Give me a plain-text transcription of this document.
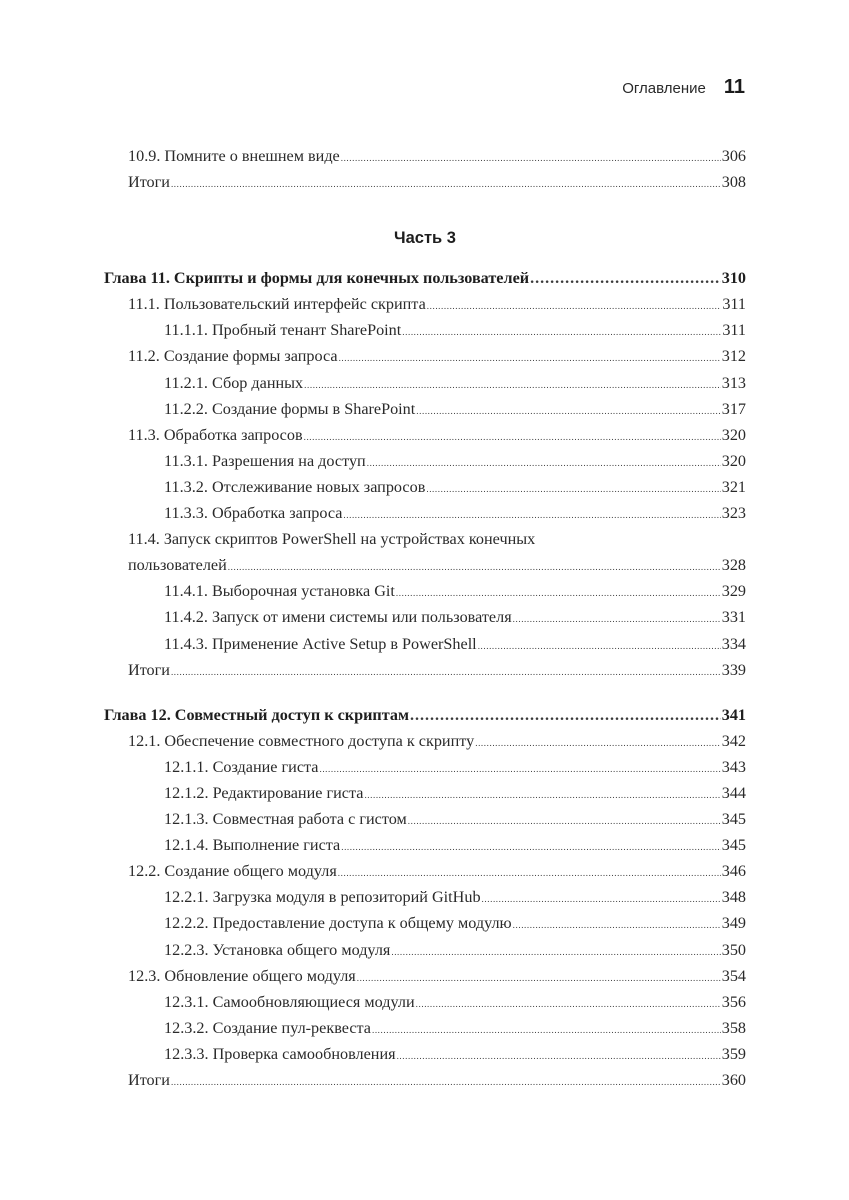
Оглавление 11
10.9. Помните о внешнем виде .....	306
Итоги .....	308
Часть 3
Глава 11. Скрипты и формы для конечных пользователей .....	310
11.1. Пользовательский интерфейс скрипта .....	311
11.1.1. Пробный тенант SharePoint .....	311
11.2. Создание формы запроса .....	312
11.2.1. Сбор данных .....	313
11.2.2. Создание формы в SharePoint .....	317
11.3. Обработка запросов .....	320
11.3.1. Разрешения на доступ .....	320
11.3.2. Отслеживание новых запросов .....	321
11.3.3. Обработка запроса .....	323
11.4. Запуск скриптов PowerShell на устройствах конечных
пользователей .....	328
11.4.1. Выборочная установка Git .....	329
11.4.2. Запуск от имени системы или пользователя .....	331
11.4.3. Применение Active Setup в PowerShell .....	334
Итоги .....	339
Глава 12. Совместный доступ к скриптам .....	341
12.1. Обеспечение совместного доступа к скрипту .....	342
12.1.1. Создание гиста .....	343
12.1.2. Редактирование гиста .....	344
12.1.3. Совместная работа с гистом .....	345
12.1.4. Выполнение гиста .....	345
12.2. Создание общего модуля .....	346
12.2.1. Загрузка модуля в репозиторий GitHub .....	348
12.2.2. Предоставление доступа к общему модулю .....	349
12.2.3. Установка общего модуля .....	350
12.3. Обновление общего модуля .....	354
12.3.1. Самообновляющиеся модули .....	356
12.3.2. Создание пул-реквеста .....	358
12.3.3. Проверка самообновления .....	359
Итоги .....	360
